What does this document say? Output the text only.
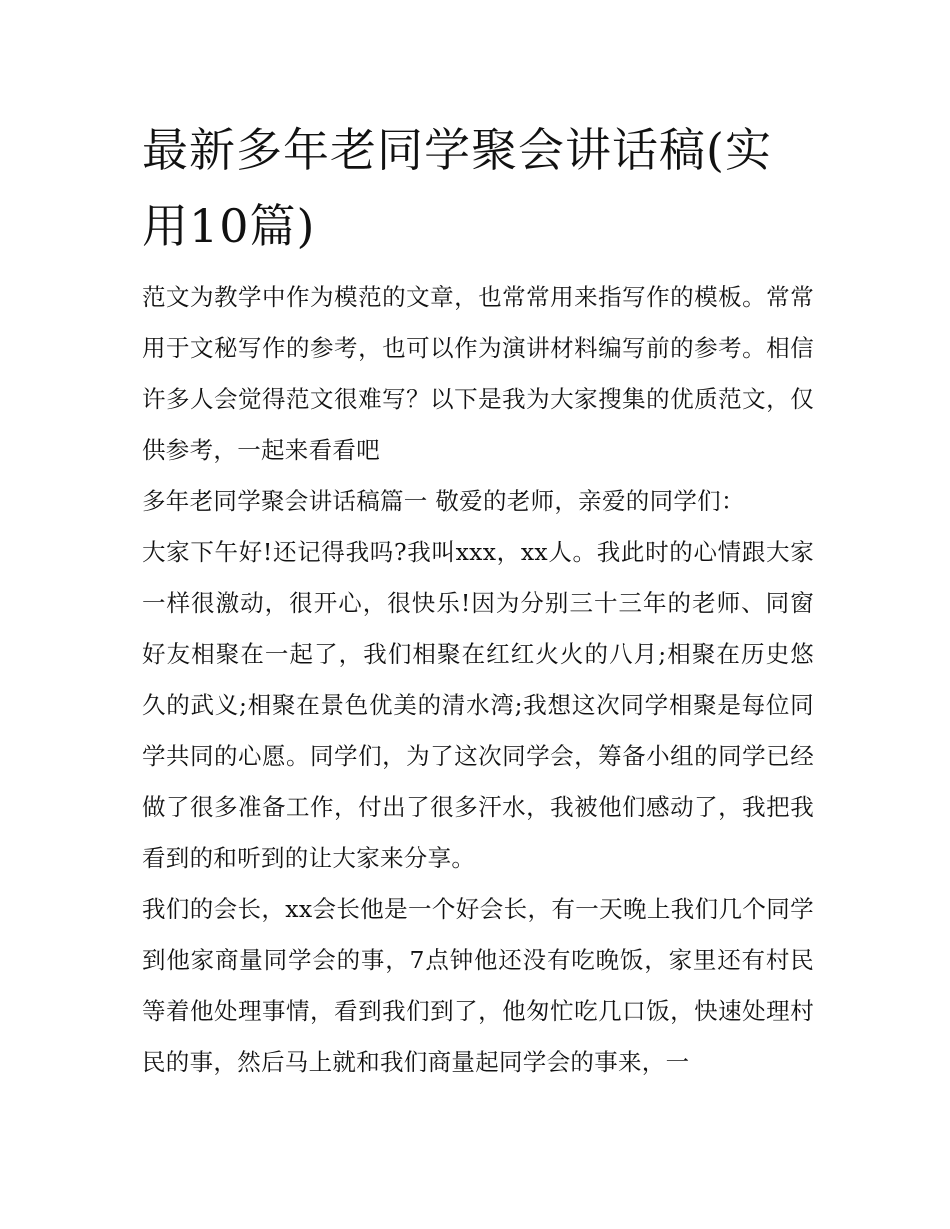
最新多年老同学聚会讲话稿(实用10篇)

范文为教学中作为模范的文章，也常常用来指写作的模板。常常用于文秘写作的参考，也可以作为演讲材料编写前的参考。相信许多人会觉得范文很难写？以下是我为大家搜集的优质范文，仅供参考，一起来看看吧

多年老同学聚会讲话稿篇一 敬爱的老师，亲爱的同学们：

大家下午好!还记得我吗?我叫xxx，xx人。我此时的心情跟大家一样很激动，很开心，很快乐!因为分别三十三年的老师、同窗好友相聚在一起了，我们相聚在红红火火的八月;相聚在历史悠久的武义;相聚在景色优美的清水湾;我想这次同学相聚是每位同学共同的心愿。同学们，为了这次同学会，筹备小组的同学已经做了很多准备工作，付出了很多汗水，我被他们感动了，我把我看到的和听到的让大家来分享。

我们的会长，xx会长他是一个好会长，有一天晚上我们几个同学到他家商量同学会的事，7点钟他还没有吃晚饭，家里还有村民等着他处理事情，看到我们到了，他匆忙吃几口饭，快速处理村民的事，然后马上就和我们商量起同学会的事来，一
